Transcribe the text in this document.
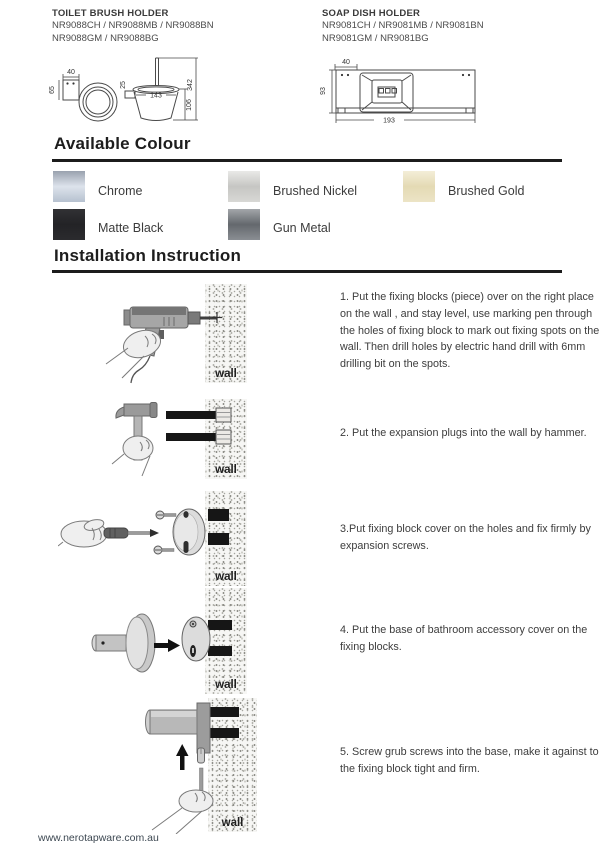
TOILET BRUSH HOLDER
NR9088CH / NR9088MB / NR9088BN
NR9088GM / NR9088BG
SOAP DISH HOLDER
NR9081CH / NR9081MB / NR9081BN
NR9081GM / NR9081BG
40
65
25
143
106
342
40
93
193
Available Colour
Chrome	Brushed Nickel	Brushed Gold
Matte Black	Gun Metal
Installation Instruction
wall
1. Put the fixing blocks (piece) over on the right place on the wall , and stay level, use marking pen through the holes of fixing block to mark out fixing spots on the wall. Then drill holes by electric hand drill with 6mm drilling bit on the spots.
wall
2. Put the expansion plugs into the wall by hammer.
wall
3.Put fixing block cover on the holes and fix firmly by expansion screws.
wall
4. Put the base of bathroom accessory cover on the fixing blocks.
wall
5. Screw grub screws into the base, make it against to the fixing block tight and firm.
www.nerotapware.com.au
